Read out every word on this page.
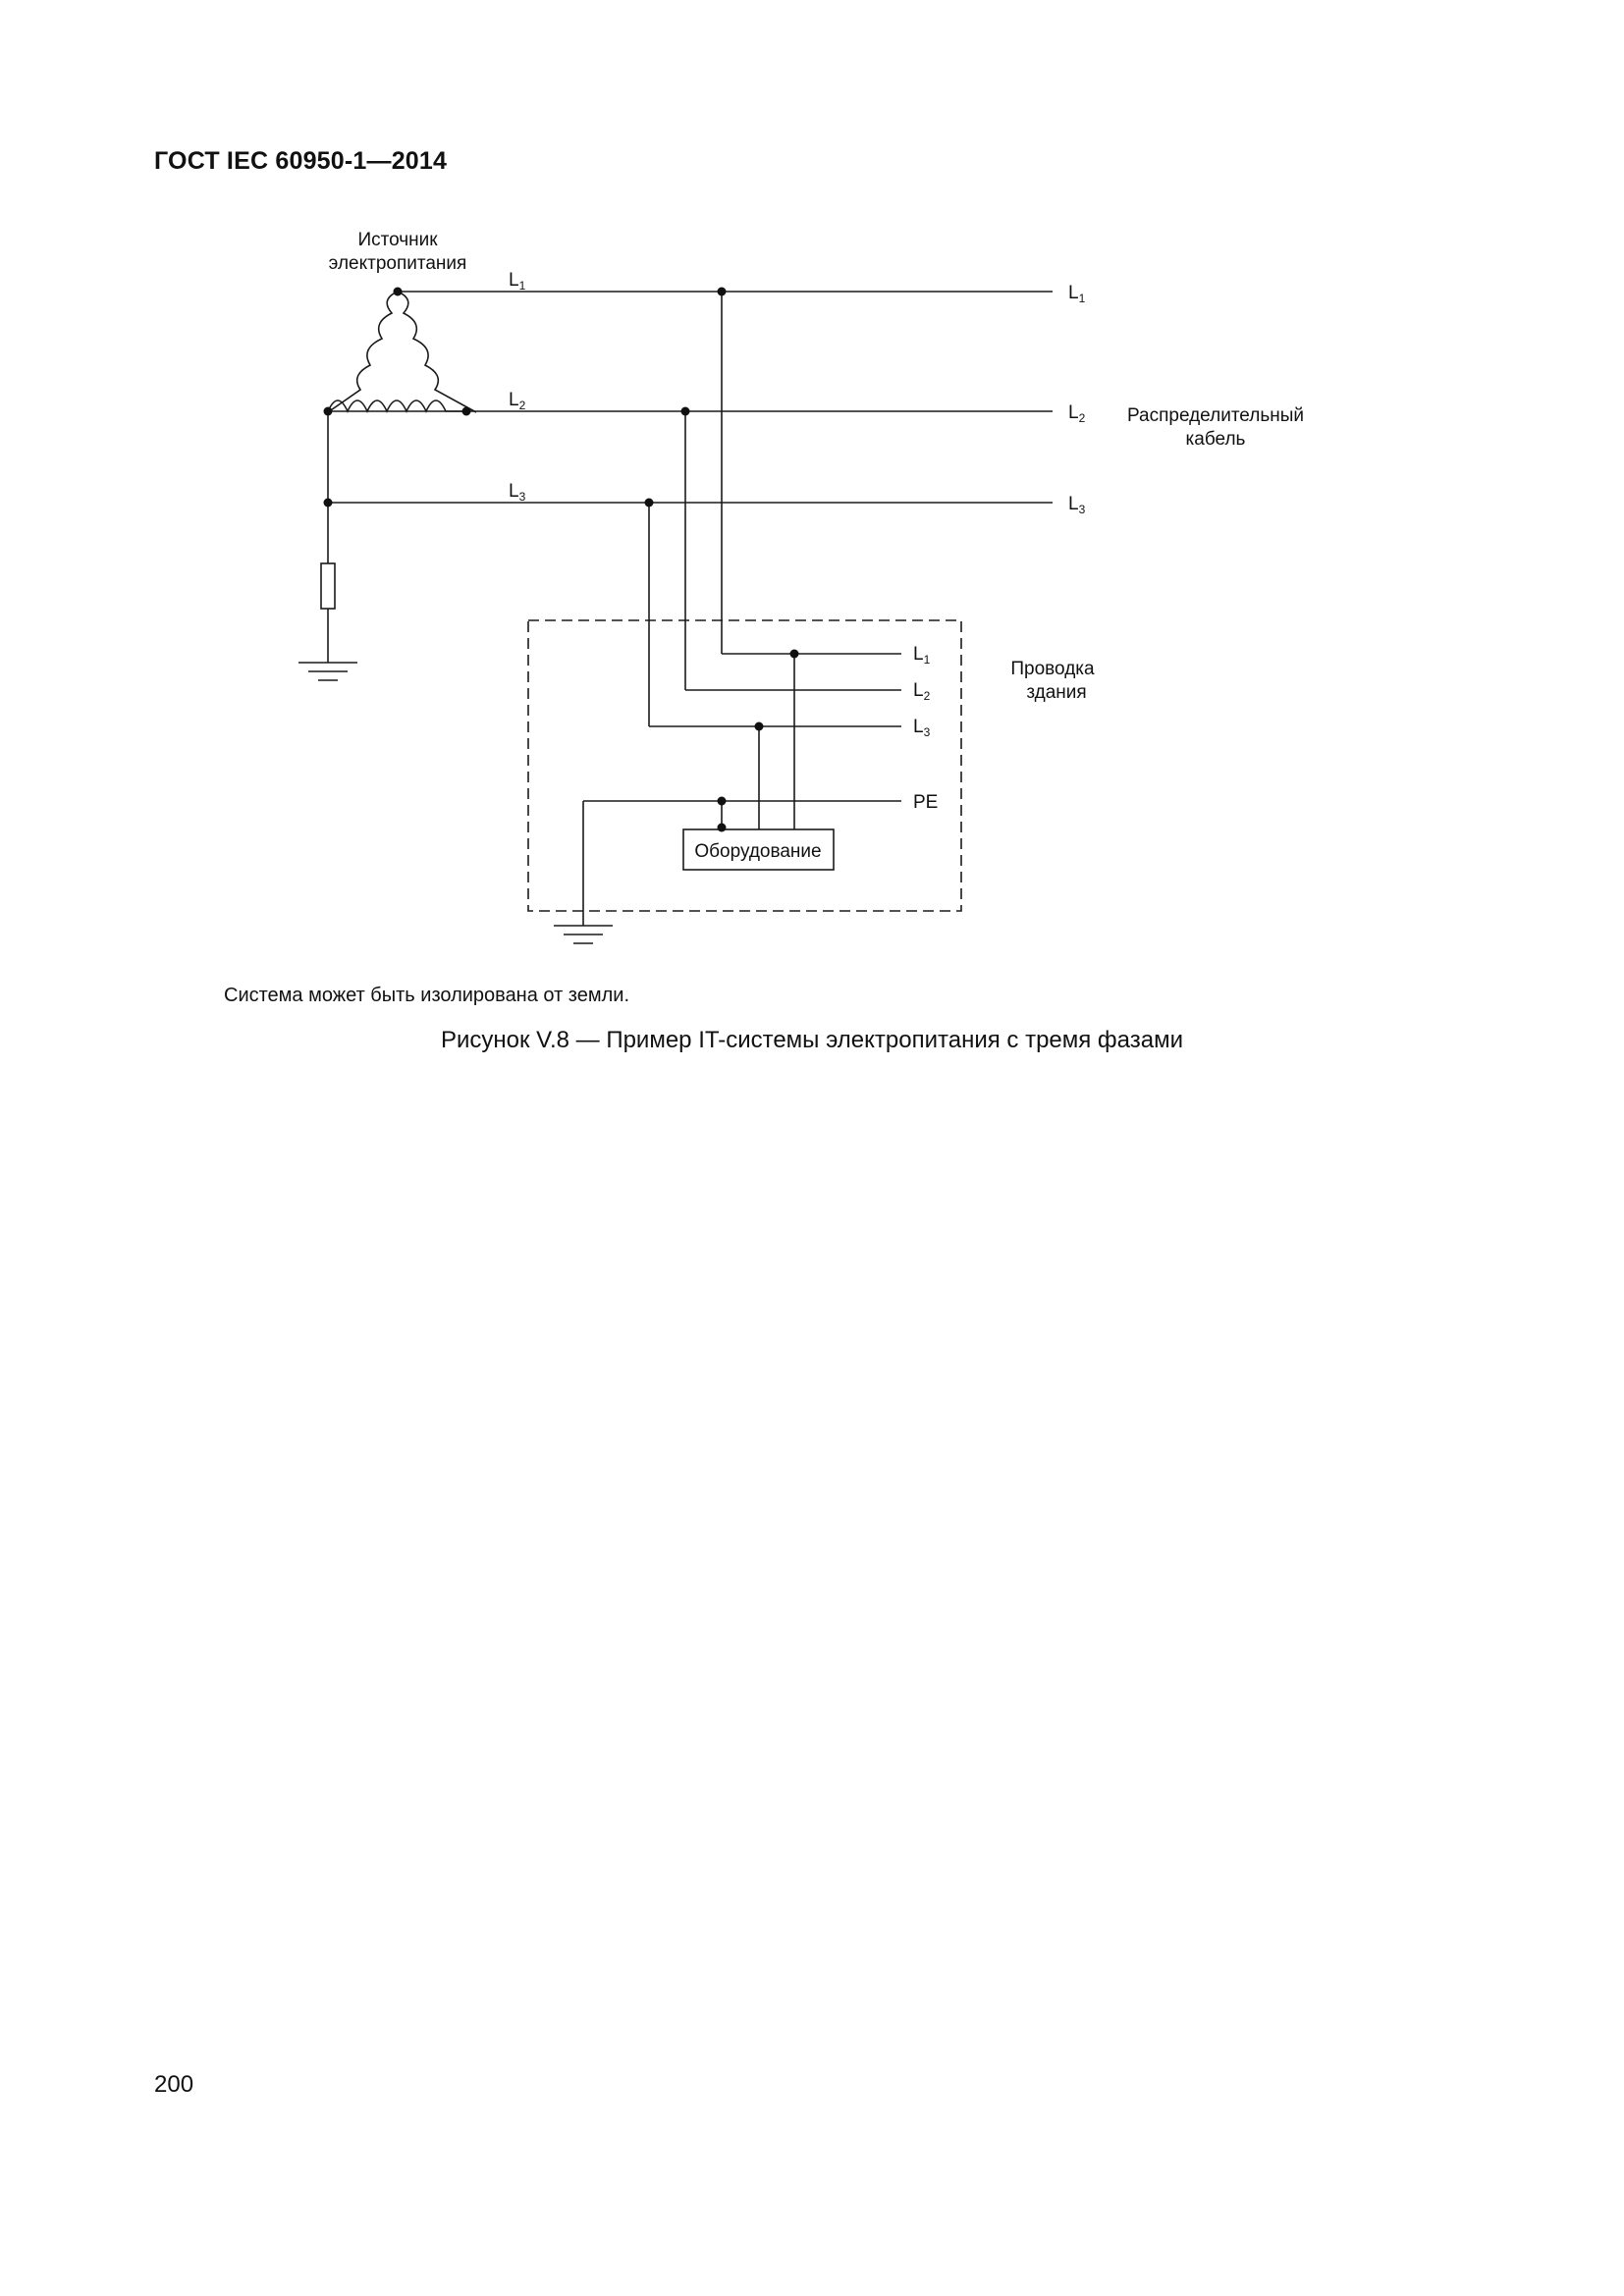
ГОСТ IEC 60950-1—2014
Источник
электропитания
$L_1$
$L_2$
$L_3$
$L_1$
$L_2$
$L_3$
Распределительный
кабель
$L_1$
$L_2$
$L_3$
PE
Проводка
здания
Оборудование
Система может быть изолирована от земли.
Рисунок V.8 — Пример IT-системы электропитания с тремя фазами
200
